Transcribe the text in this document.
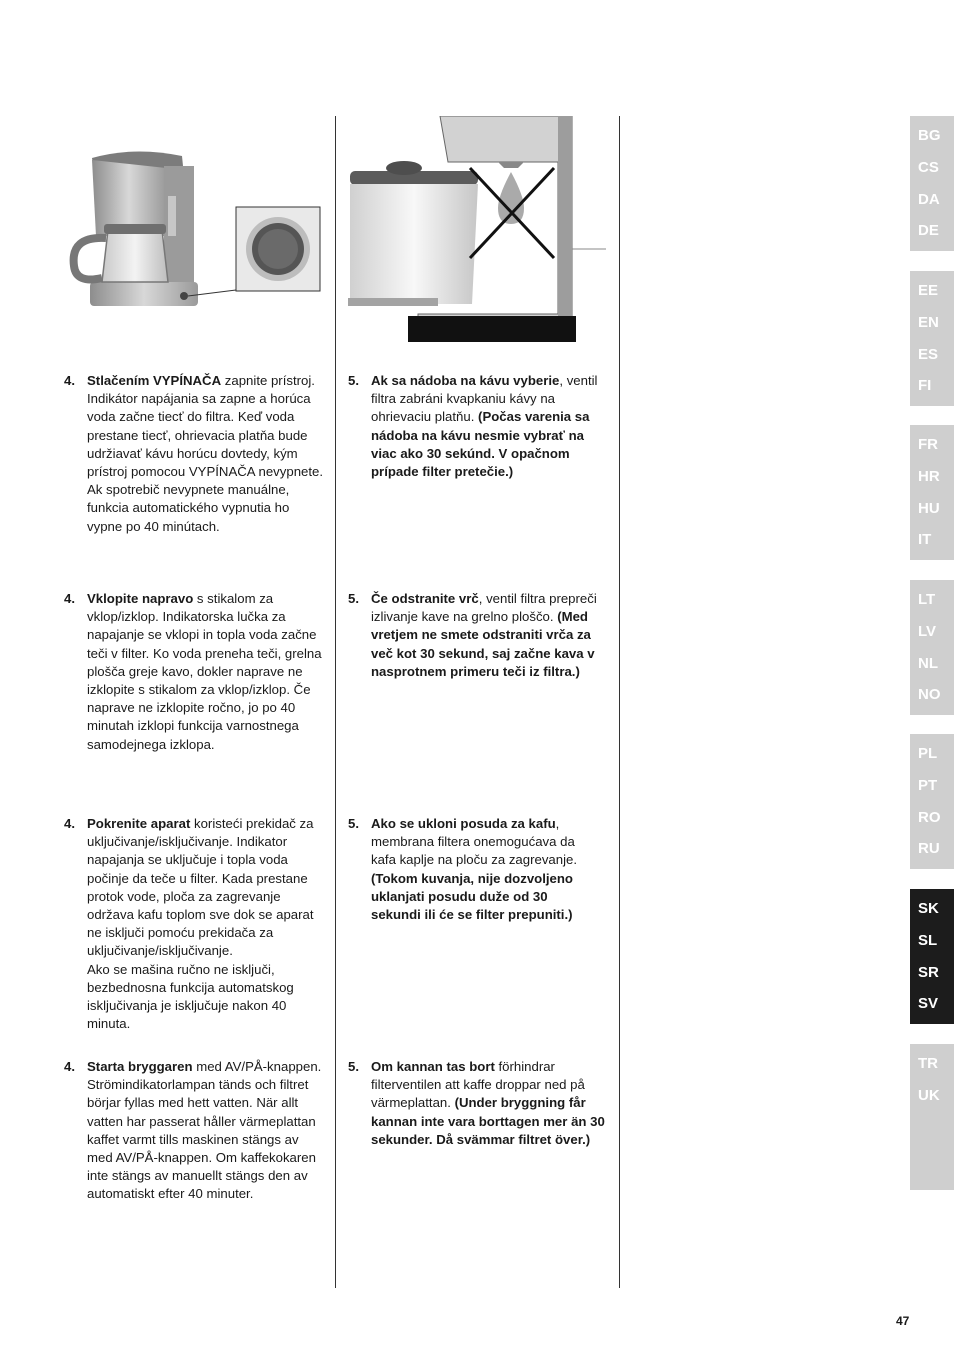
4. Stlačením VYPÍNAČA zapnite prístroj. Indikátor napájania sa zapne a horúca voda začne tiecť do filtra. Keď voda prestane tiecť, ohrievacia platňa bude udržiavať kávu horúcu dovtedy, kým prístroj pomocou VYPÍNAČA nevypnete. Ak spotrebič nevypnete manuálne, funkcia automatického vypnutia ho vypne po 40 minútach.
5. Ak sa nádoba na kávu vyberie, ventil filtra zabráni kvapkaniu kávy na ohrievaciu platňu. (Počas varenia sa nádoba na kávu nesmie vybrať na viac ako 30 sekúnd. V opačnom prípade filter pretečie.)
4. Vklopite napravo s stikalom za vklop/izklop. Indikatorska lučka za napajanje se vklopi in topla voda začne teči v filter. Ko voda preneha teči, grelna plošča greje kavo, dokler naprave ne izklopite s stikalom za vklop/izklop. Če naprave ne izklopite ročno, jo po 40 minutah izklopi funkcija varnostnega samodejnega izklopa.
5. Če odstranite vrč, ventil filtra prepreči izlivanje kave na grelno ploščo. (Med vretjem ne smete odstraniti vrča za več kot 30 sekund, saj začne kava v nasprotnem primeru teči iz filtra.)
4. Pokrenite aparat koristeći prekidač za uključivanje/isključivanje. Indikator napajanja se uključuje i topla voda počinje da teče u filter. Kada prestane protok vode, ploča za zagrevanje održava kafu toplom sve dok se aparat ne isključi pomoću prekidača za uključivanje/isključivanje.
Ako se mašina ručno ne isključi, bezbednosna funkcija automatskog isključivanja je isključuje nakon 40 minuta.
5. Ako se ukloni posuda za kafu, membrana filtera onemogućava da kafa kaplje na ploču za zagrevanje. (Tokom kuvanja, nije dozvoljeno uklanjati posudu duže od 30 sekundi ili će se filter prepuniti.)
4. Starta bryggaren med AV/PÅ-knappen. Strömindikatorlampan tänds och filtret börjar fyllas med hett vatten. När allt vatten har passerat håller värmeplattan kaffet varmt tills maskinen stängs av med AV/PÅ-knappen. Om kaffekokaren inte stängs av manuellt stängs den av automatiskt efter 40 minuter.
5. Om kannan tas bort förhindrar filterventilen att kaffe droppar ned på värmeplattan. (Under bryggning får kannan inte vara borttagen mer än 30 sekunder. Då svämmar filtret över.)
BG
CS
DA
DE
EE
EN
ES
FI
FR
HR
HU
IT
LT
LV
NL
NO
PL
PT
RO
RU
SK
SL
SR
SV
TR
UK
47
